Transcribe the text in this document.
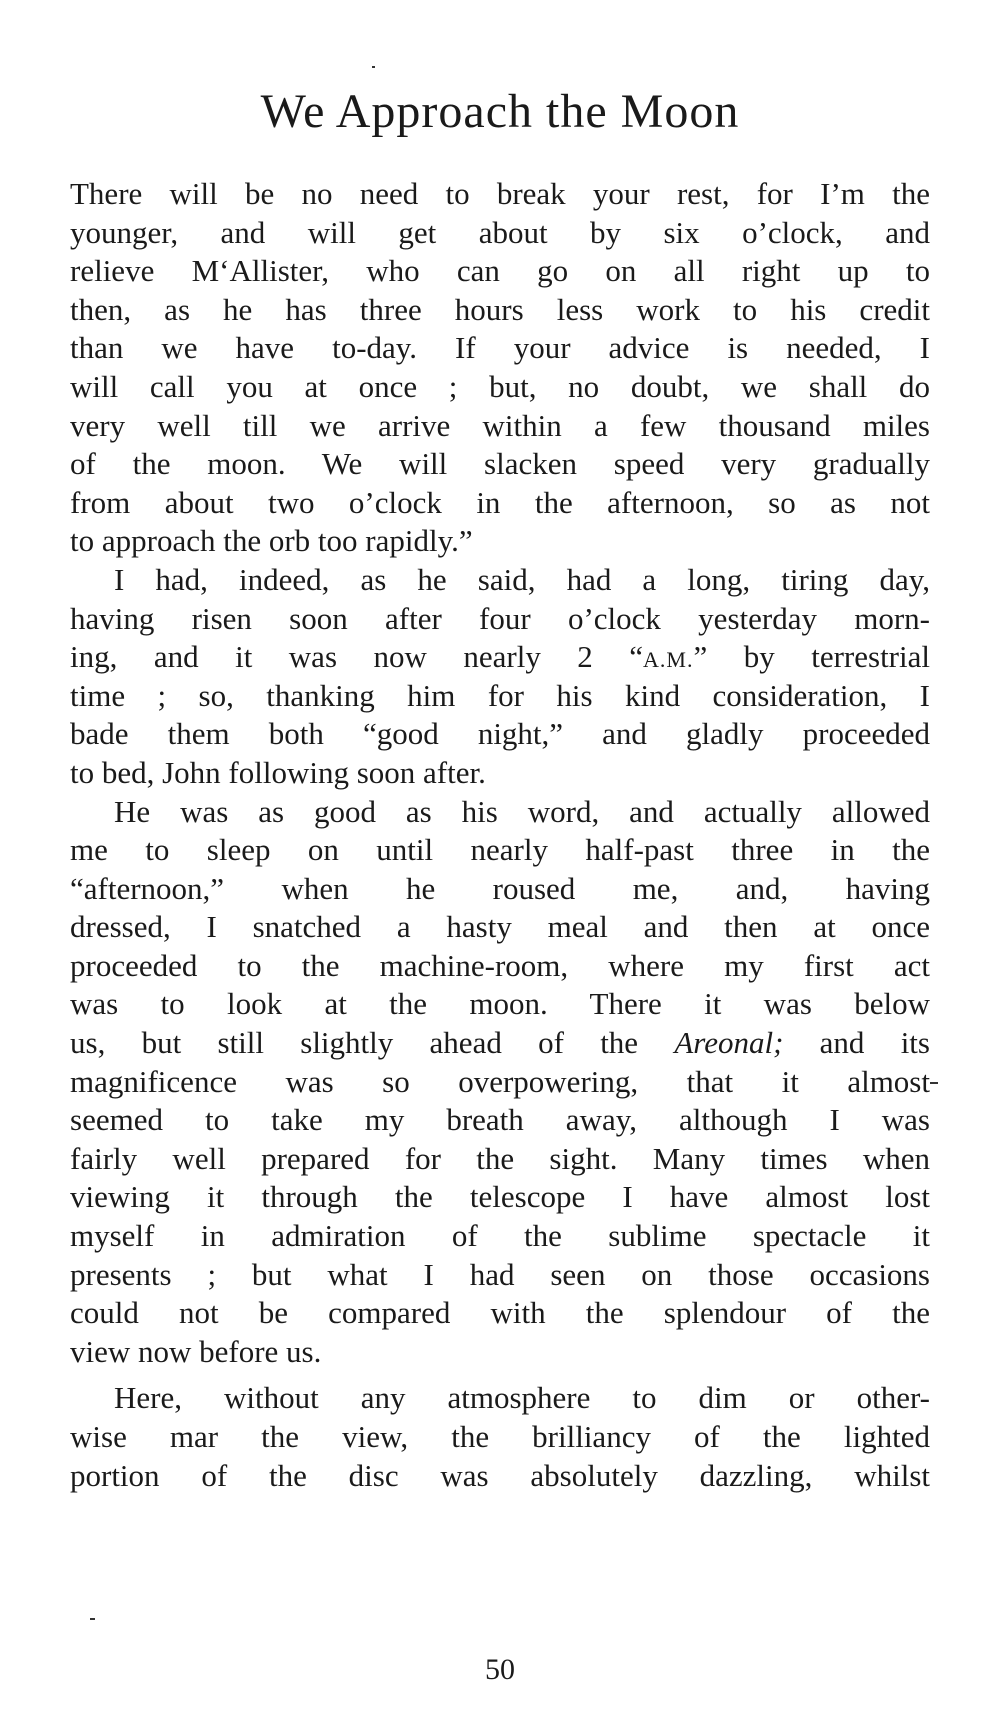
We Approach the Moon
There will be no need to break your rest, for I’m the
younger, and will get about by six o’clock, and
relieve M‘Allister, who can go on all right up to
then, as he has three hours less work to his credit
than we have to-day. If your advice is needed, I
will call you at once ; but, no doubt, we shall do
very well till we arrive within a few thousand miles
of the moon. We will slacken speed very gradually
from about two o’clock in the afternoon, so as not
to approach the orb too rapidly.”
I had, indeed, as he said, had a long, tiring day,
having risen soon after four o’clock yesterday morn-
ing, and it was now nearly 2 “A.M.” by terrestrial
time ; so, thanking him for his kind consideration, I
bade them both “good night,” and gladly proceeded
to bed, John following soon after.
He was as good as his word, and actually allowed
me to sleep on until nearly half-past three in the
“afternoon,” when he roused me, and, having
dressed, I snatched a hasty meal and then at once
proceeded to the machine-room, where my first act
was to look at the moon. There it was below
us, but still slightly ahead of the Areonal; and its
magnificence was so overpowering, that it almost
seemed to take my breath away, although I was
fairly well prepared for the sight. Many times when
viewing it through the telescope I have almost lost
myself in admiration of the sublime spectacle it
presents ; but what I had seen on those occasions
could not be compared with the splendour of the
view now before us.
Here, without any atmosphere to dim or other-
wise mar the view, the brilliancy of the lighted
portion of the disc was absolutely dazzling, whilst
50
